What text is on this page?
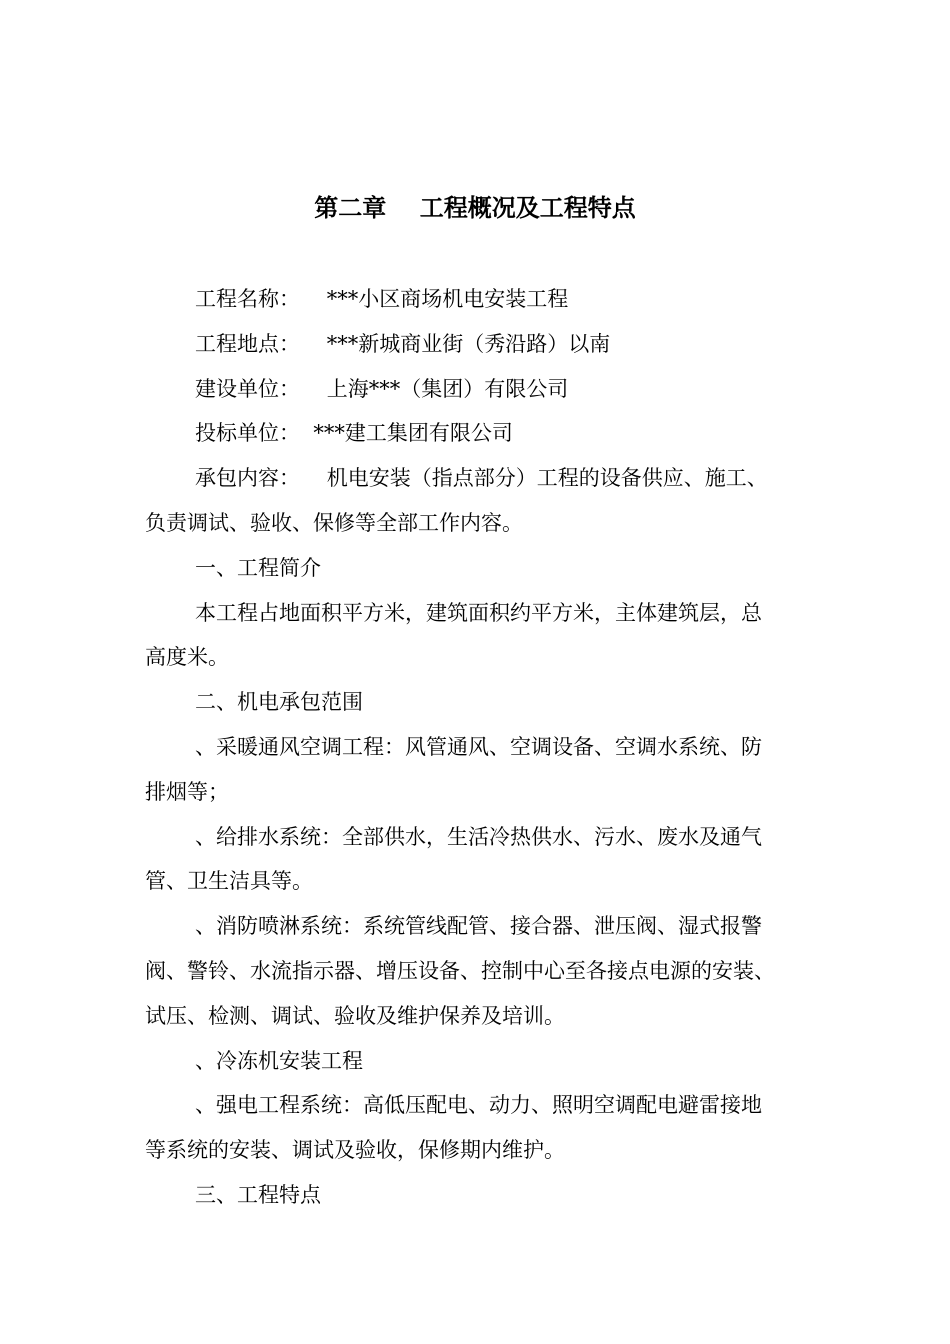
第二章    工程概况及工程特点
工程名称：    ***小区商场机电安装工程
工程地点：    ***新城商业街（秀沿路）以南
建设单位：    上海***（集团）有限公司
投标单位：  ***建工集团有限公司
承包内容：    机电安装（指点部分）工程的设备供应、施工、
负责调试、验收、保修等全部工作内容。
一、工程简介
本工程占地面积平方米，建筑面积约平方米，主体建筑层，总
高度米。
二、机电承包范围
、采暖通风空调工程：风管通风、空调设备、空调水系统、防
排烟等；
、给排水系统：全部供水，生活冷热供水、污水、废水及通气
管、卫生洁具等。
、消防喷淋系统：系统管线配管、接合器、泄压阀、湿式报警
阀、警铃、水流指示器、增压设备、控制中心至各接点电源的安装、
试压、检测、调试、验收及维护保养及培训。
、冷冻机安装工程
、强电工程系统：高低压配电、动力、照明空调配电避雷接地
等系统的安装、调试及验收，保修期内维护。
三、工程特点
